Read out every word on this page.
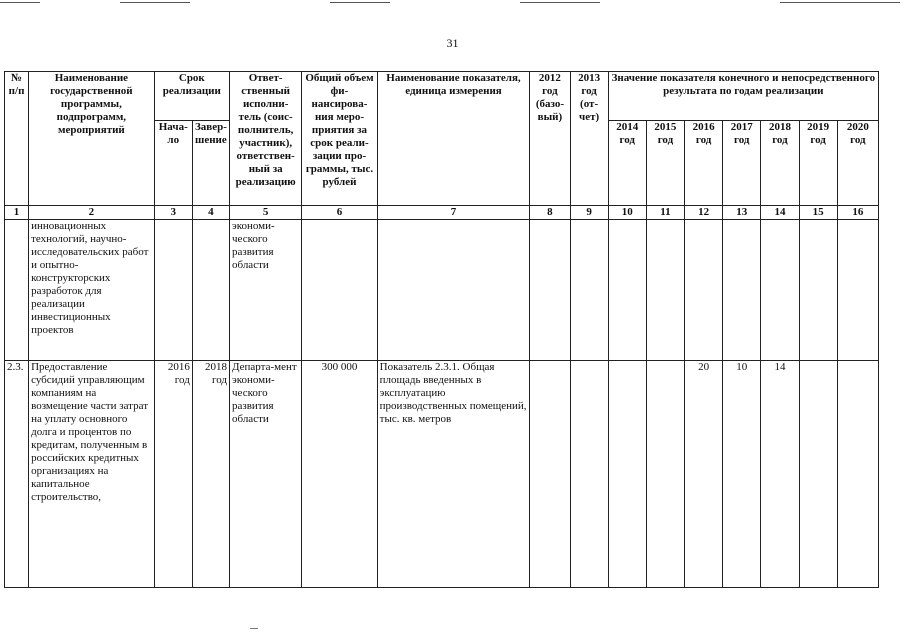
31
№ п/п	Наименование государственной программы, подпрограмм, мероприятий	Срок реализации		Ответ-ственный исполни-тель (соис-полнитель, участник), ответствен-ный за реализацию	Общий объем фи-нансирова-ния меро-приятия за срок реали-зации про-граммы, тыс. рублей	Наименование показателя, единица измерения	2012 год (базо-вый)	2013 год (от-чет)	Значение показателя конечного и непосредственного результата по годам реализации						
		Нача-ло	Завер-шение						2014 год	2015 год	2016 год	2017 год	2018 год	2019 год	2020 год
1	2	3	4	5	6	7	8	9	10	11	12	13	14	15	16
	инновационных технологий, научно-исследовательских работ и опытно-конструкторских разработок для реализации инвестиционных проектов			экономи-ческого развития области											
2.3.	Предоставление субсидий управляющим компаниям на возмещение части затрат на уплату основного долга и процентов по кредитам, полученным в российских кредитных организациях на капитальное строительство,	2016 год	2018 год	Департа-мент экономи-ческого развития области	300 000	Показатель 2.3.1. Общая площадь введенных в эксплуатацию производственных помещений, тыс. кв. метров					20	10	14		
